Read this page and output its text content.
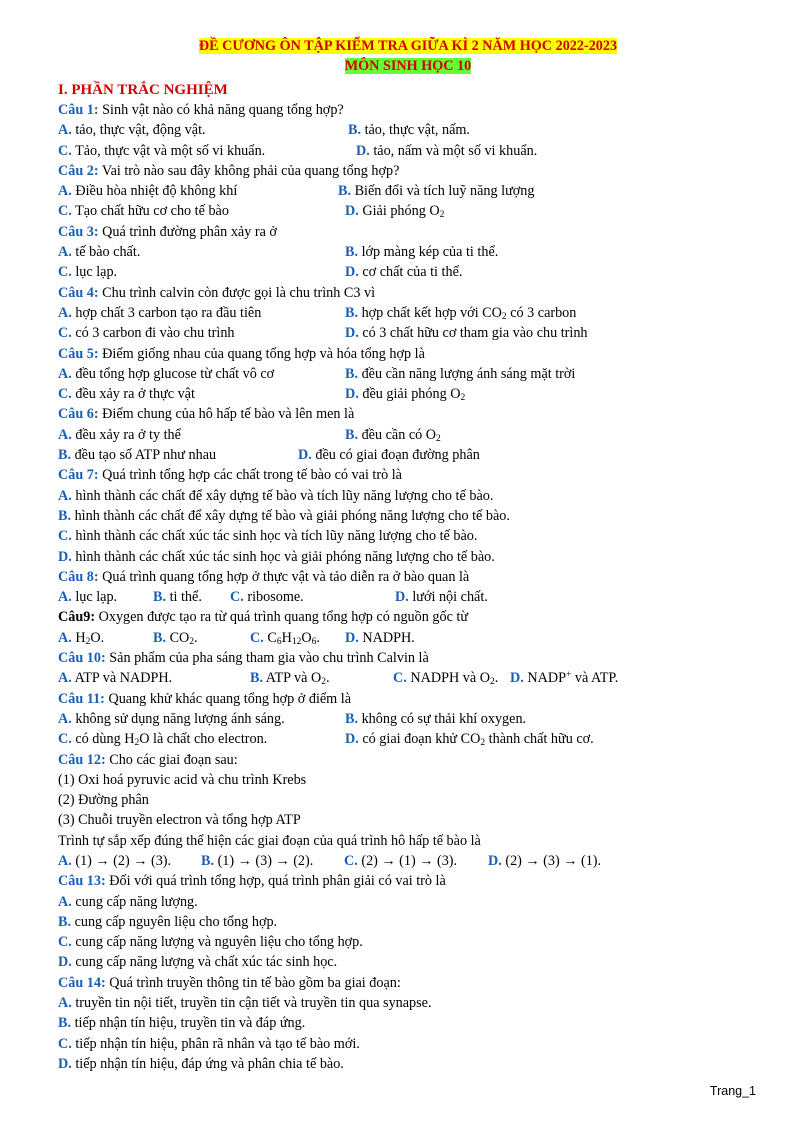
ĐỀ CƯƠNG ÔN TẬP KIỂM TRA GIỮA KÌ 2 NĂM HỌC 2022-2023
MÔN SINH HỌC 10
I. PHẦN TRẮC NGHIỆM
Câu 1: Sinh vật nào có khả năng quang tổng hợp?
A. tảo, thực vật, động vật.	B. tảo, thực vật, nấm.
C. Tảo, thực vật và một số vi khuẩn.	D. tảo, nấm và một số vi khuẩn.
Câu 2: Vai trò nào sau đây không phải của quang tổng hợp?
A. Điều hòa nhiệt độ không khí	B. Biến đổi và tích luỹ năng lượng
C. Tạo chất hữu cơ cho tế bào	D. Giải phóng $O_2$
Câu 3: Quá trình đường phân xảy ra ở
A. tế bào chất.	B. lớp màng kép của ti thể.
C. lục lạp.	D. cơ chất của ti thể.
Câu 4: Chu trình calvin còn được gọi là chu trình C3 vì
A. hợp chất 3 carbon tạo ra đầu tiên	B. hợp chất kết hợp với $CO_2$ có 3 carbon
C. có 3 carbon đi vào chu trình	D. có 3 chất hữu cơ tham gia vào chu trình
Câu 5: Điểm giống nhau của quang tổng hợp và hóa tổng hợp là
A. đều tổng hợp glucose từ chất vô cơ	B. đều cần năng lượng ánh sáng mặt trời
C. đều xảy ra ở thực vật	D. đều giải phóng $O_2$
Câu 6: Điểm chung của hô hấp tế bào và lên men là
A. đều xảy ra ở ty thể	B. đều cần có $O_2$
B. đều tạo số ATP như nhau	D. đều có giai đoạn đường phân
Câu 7: Quá trình tổng hợp các chất trong tế bào có vai trò là
A. hình thành các chất để xây dựng tế bào và tích lũy năng lượng cho tế bào.
B. hình thành các chất để xây dựng tế bào và giải phóng năng lượng cho tế bào.
C. hình thành các chất xúc tác sinh học và tích lũy năng lượng cho tế bào.
D. hình thành các chất xúc tác sinh học và giải phóng năng lượng cho tế bào.
Câu 8: Quá trình quang tổng hợp ở thực vật và tảo diễn ra ở bào quan là
A. lục lạp.	B. ti thể. C. ribosome.	D. lưới nội chất.
Câu9: Oxygen được tạo ra từ quá trình quang tổng hợp có nguồn gốc từ
A. $H_2O$.	B. $CO_2$.	C. $C_6H_{12}O_6$. D. NADPH.
Câu 10: Sản phẩm của pha sáng tham gia vào chu trình Calvin là
A. ATP và NADPH.	B. ATP và $O_2$.	C. NADPH và $O_2$. D. NADP+ và ATP.
Câu 11: Quang khử khác quang tổng hợp ở điểm là
A. không sử dụng năng lượng ánh sáng.	B. không có sự thải khí oxygen.
C. có dùng $H_2O$ là chất cho electron.	D. có giai đoạn khử $CO_2$ thành chất hữu cơ.
Câu 12: Cho các giai đoạn sau:
(1) Oxi hoá pyruvic acid và chu trình Krebs
(2) Đường phân
(3) Chuỗi truyền electron và tổng hợp ATP
Trình tự sắp xếp đúng thể hiện các giai đoạn của quá trình hô hấp tế bào là
A. (1) → (2) → (3). B. (1) → (3) → (2). C. (2) → (1) → (3). D. (2) → (3) → (1).
Câu 13: Đối với quá trình tổng hợp, quá trình phân giải có vai trò là
A. cung cấp năng lượng.
B. cung cấp nguyên liệu cho tổng hợp.
C. cung cấp năng lượng và nguyên liệu cho tổng hợp.
D. cung cấp năng lượng và chất xúc tác sinh học.
Câu 14: Quá trình truyền thông tin tế bào gồm ba giai đoạn:
A. truyền tin nội tiết, truyền tin cận tiết và truyền tin qua synapse.
B. tiếp nhận tín hiệu, truyền tin và đáp ứng.
C. tiếp nhận tín hiệu, phân rã nhân và tạo tế bào mới.
D. tiếp nhận tín hiệu, đáp ứng và phân chia tế bào.
Trang_1
